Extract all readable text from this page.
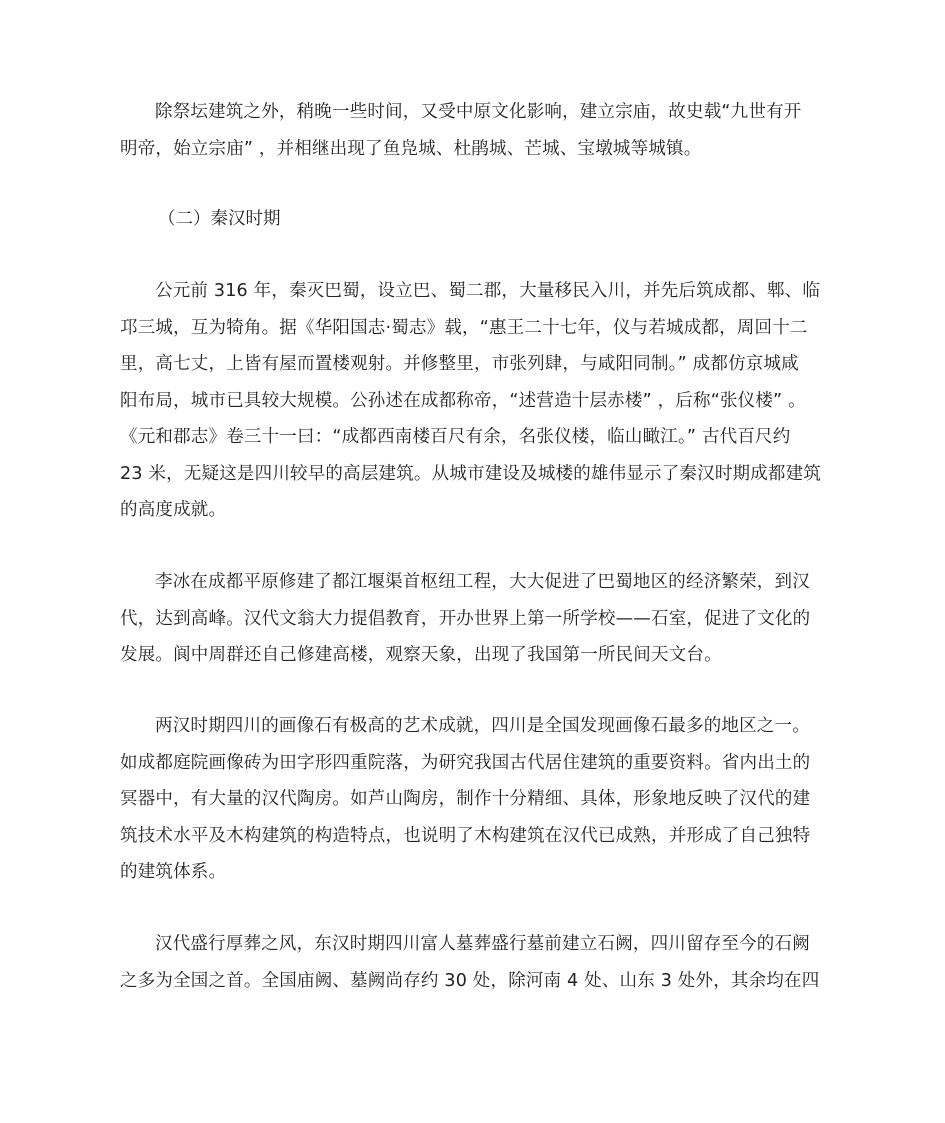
除祭坛建筑之外，稍晚一些时间，又受中原文化影响，建立宗庙，故史载“九世有开
明帝，始立宗庙” ，并相继出现了鱼凫城、杜鹃城、芒城、宝墩城等城镇。
（二）秦汉时期
公元前 316 年，秦灭巴蜀，设立巴、蜀二郡，大量移民入川，并先后筑成都、郫、临
邛三城，互为犄角。据《华阳国志·蜀志》载，“惠王二十七年，仪与若城成都，周回十二
里，高七丈，上皆有屋而置楼观射。并修整里，市张列肆，与咸阳同制。” 成都仿京城咸
阳布局，城市已具较大规模。公孙述在成都称帝，“述营造十层赤楼” ，后称“张仪楼” 。
《元和郡志》卷三十一曰：“成都西南楼百尺有余，名张仪楼，临山瞰江。” 古代百尺约
23 米，无疑这是四川较早的高层建筑。从城市建设及城楼的雄伟显示了秦汉时期成都建筑
的高度成就。
李冰在成都平原修建了都江堰渠首枢纽工程，大大促进了巴蜀地区的经济繁荣，到汉
代，达到高峰。汉代文翁大力提倡教育，开办世界上第一所学校——石室，促进了文化的
发展。阆中周群还自己修建高楼，观察天象，出现了我国第一所民间天文台。
两汉时期四川的画像石有极高的艺术成就，四川是全国发现画像石最多的地区之一。
如成都庭院画像砖为田字形四重院落，为研究我国古代居住建筑的重要资料。省内出土的
冥器中，有大量的汉代陶房。如芦山陶房，制作十分精细、具体，形象地反映了汉代的建
筑技术水平及木构建筑的构造特点，也说明了木构建筑在汉代已成熟，并形成了自己独特
的建筑体系。
汉代盛行厚葬之风，东汉时期四川富人墓葬盛行墓前建立石阙，四川留存至今的石阙
之多为全国之首。全国庙阙、墓阙尚存约 30 处，除河南 4 处、山东 3 处外，其余均在四
